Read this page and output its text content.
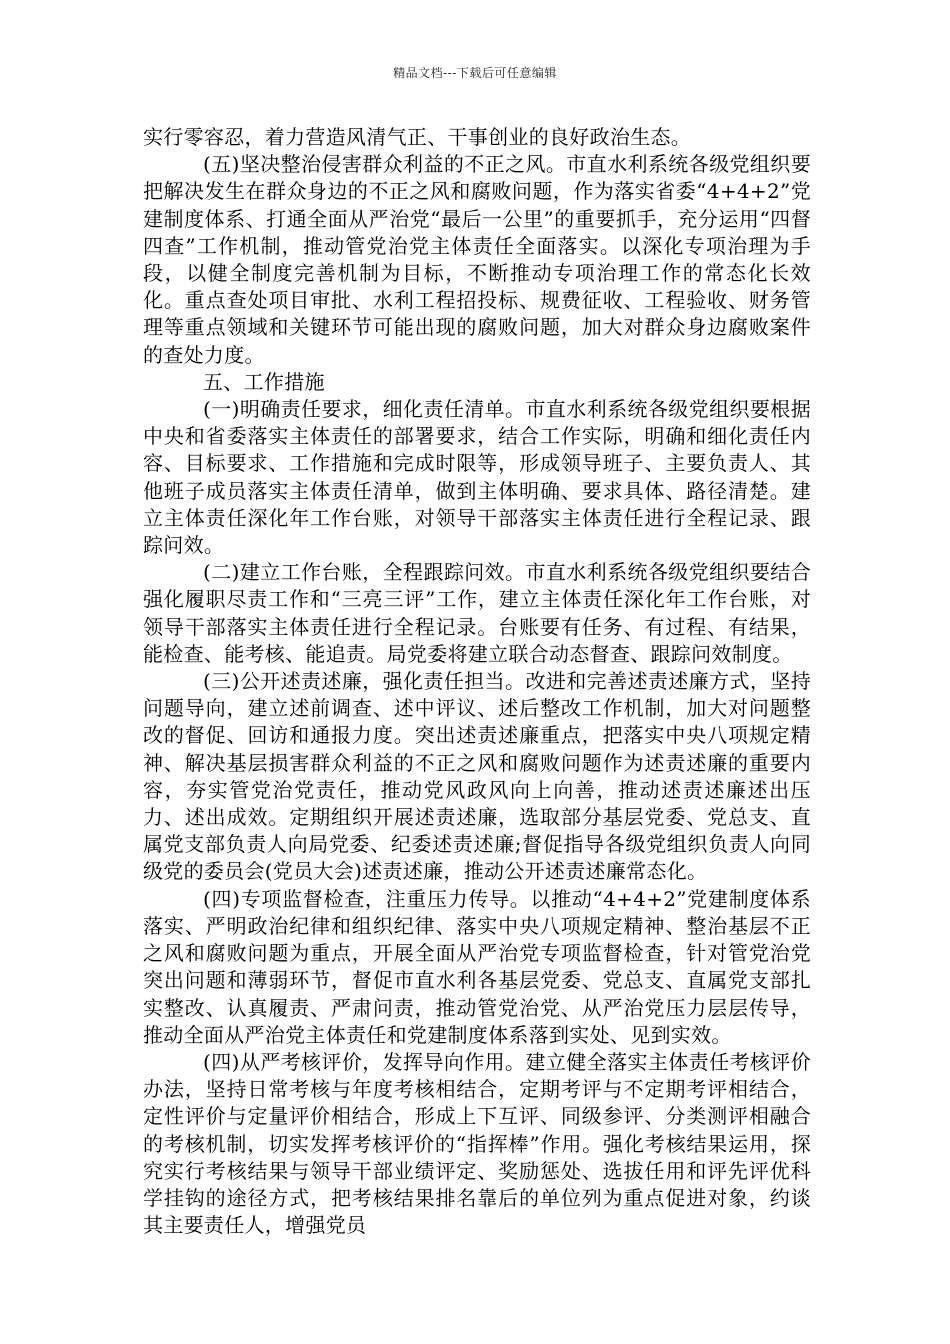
精品文档---下载后可任意编辑

实行零容忍，着力营造风清气正、干事创业的良好政治生态。

(五)坚决整治侵害群众利益的不正之风。市直水利系统各级党组织要把解决发生在群众身边的不正之风和腐败问题，作为落实省委“4+4+2”党建制度体系、打通全面从严治党“最后一公里”的重要抓手，充分运用“四督四查”工作机制，推动管党治党主体责任全面落实。以深化专项治理为手段，以健全制度完善机制为目标，不断推动专项治理工作的常态化长效化。重点查处项目审批、水利工程招投标、规费征收、工程验收、财务管理等重点领域和关键环节可能出现的腐败问题，加大对群众身边腐败案件的查处力度。

五、工作措施

(一)明确责任要求，细化责任清单。市直水利系统各级党组织要根据中央和省委落实主体责任的部署要求，结合工作实际，明确和细化责任内容、目标要求、工作措施和完成时限等，形成领导班子、主要负责人、其他班子成员落实主体责任清单，做到主体明确、要求具体、路径清楚。建立主体责任深化年工作台账，对领导干部落实主体责任进行全程记录、跟踪问效。

(二)建立工作台账，全程跟踪问效。市直水利系统各级党组织要结合强化履职尽责工作和“三亮三评”工作，建立主体责任深化年工作台账，对领导干部落实主体责任进行全程记录。台账要有任务、有过程、有结果，能检查、能考核、能追责。局党委将建立联合动态督查、跟踪问效制度。

(三)公开述责述廉，强化责任担当。改进和完善述责述廉方式，坚持问题导向，建立述前调查、述中评议、述后整改工作机制，加大对问题整改的督促、回访和通报力度。突出述责述廉重点，把落实中央八项规定精神、解决基层损害群众利益的不正之风和腐败问题作为述责述廉的重要内容，夯实管党治党责任，推动党风政风向上向善，推动述责述廉述出压力、述出成效。定期组织开展述责述廉，选取部分基层党委、党总支、直属党支部负责人向局党委、纪委述责述廉;督促指导各级党组织负责人向同级党的委员会(党员大会)述责述廉，推动公开述责述廉常态化。

(四)专项监督检查，注重压力传导。以推动“4+4+2”党建制度体系落实、严明政治纪律和组织纪律、落实中央八项规定精神、整治基层不正之风和腐败问题为重点，开展全面从严治党专项监督检查，针对管党治党突出问题和薄弱环节，督促市直水利各基层党委、党总支、直属党支部扎实整改、认真履责、严肃问责，推动管党治党、从严治党压力层层传导，推动全面从严治党主体责任和党建制度体系落到实处、见到实效。

(四)从严考核评价，发挥导向作用。建立健全落实主体责任考核评价办法，坚持日常考核与年度考核相结合，定期考评与不定期考评相结合，定性评价与定量评价相结合，形成上下互评、同级参评、分类测评相融合的考核机制，切实发挥考核评价的“指挥棒”作用。强化考核结果运用，探究实行考核结果与领导干部业绩评定、奖励惩处、选拔任用和评先评优科学挂钩的途径方式，把考核结果排名靠后的单位列为重点促进对象，约谈其主要责任人，增强党员
